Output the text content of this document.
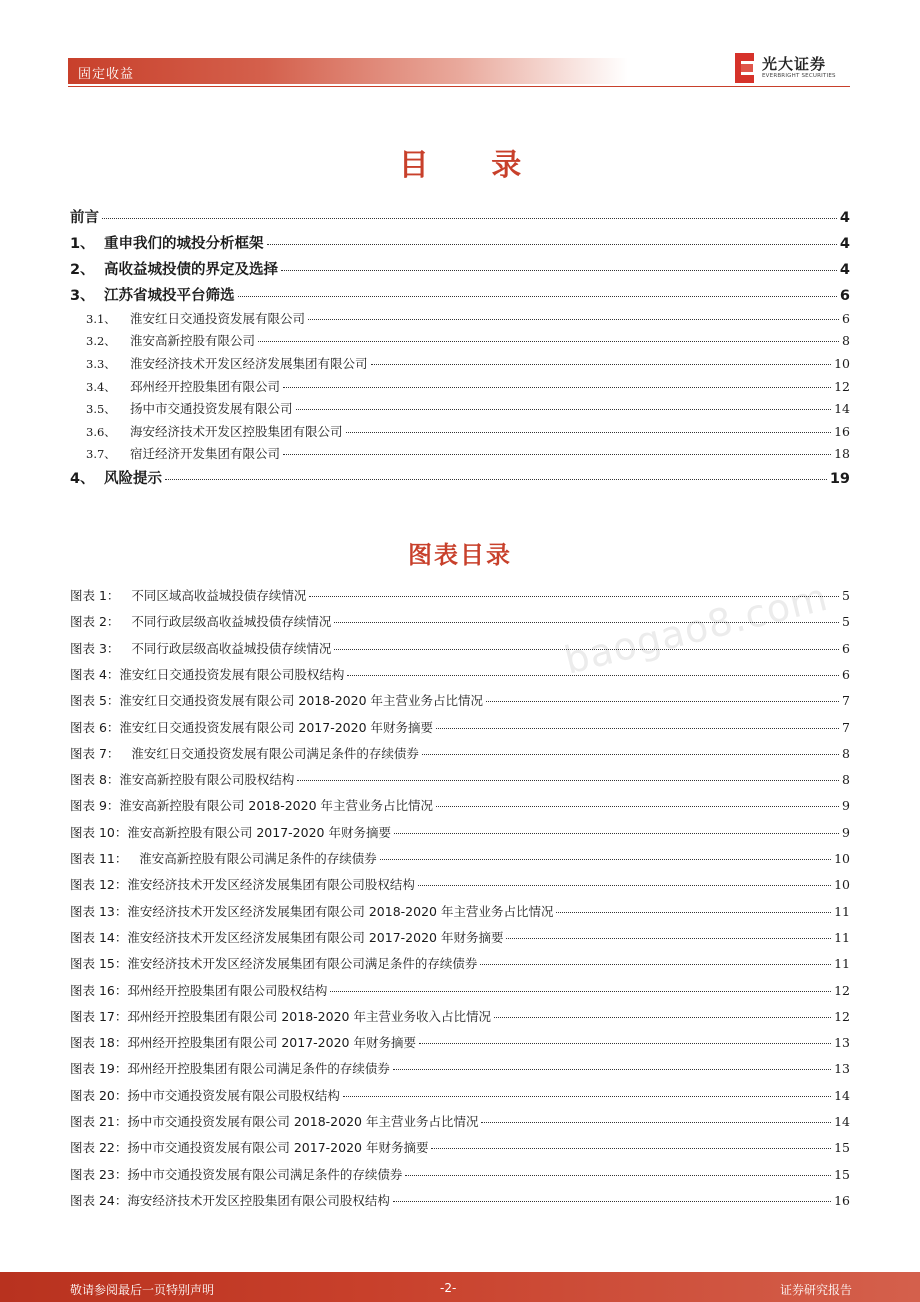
固定收益
光大证券
EVERBRIGHT SECURITIES
baogao8.com
目 录
前言	4
1、 重申我们的城投分析框架	4
2、 高收益城投债的界定及选择	4
3、 江苏省城投平台筛选	6
3.1、 淮安红日交通投资发展有限公司	6
3.2、 淮安高新控股有限公司	8
3.3、 淮安经济技术开发区经济发展集团有限公司	10
3.4、 邳州经开控股集团有限公司	12
3.5、 扬中市交通投资发展有限公司	14
3.6、 海安经济技术开发区控股集团有限公司	16
3.7、 宿迁经济开发集团有限公司	18
4、 风险提示	19
图表目录
图表 1：   不同区域高收益城投债存续情况	5
图表 2：   不同行政层级高收益城投债存续情况	5
图表 3：   不同行政层级高收益城投债存续情况	6
图表 4：淮安红日交通投资发展有限公司股权结构	6
图表 5：淮安红日交通投资发展有限公司 2018-2020 年主营业务占比情况	7
图表 6：淮安红日交通投资发展有限公司 2017-2020 年财务摘要	7
图表 7：   淮安红日交通投资发展有限公司满足条件的存续债券	8
图表 8：淮安高新控股有限公司股权结构	8
图表 9：淮安高新控股有限公司 2018-2020 年主营业务占比情况	9
图表 10：淮安高新控股有限公司 2017-2020 年财务摘要	9
图表 11：   淮安高新控股有限公司满足条件的存续债券	10
图表 12：淮安经济技术开发区经济发展集团有限公司股权结构	10
图表 13：淮安经济技术开发区经济发展集团有限公司 2018-2020 年主营业务占比情况	11
图表 14：淮安经济技术开发区经济发展集团有限公司 2017-2020 年财务摘要	11
图表 15：淮安经济技术开发区经济发展集团有限公司满足条件的存续债券	11
图表 16：邳州经开控股集团有限公司股权结构	12
图表 17：邳州经开控股集团有限公司 2018-2020 年主营业务收入占比情况	12
图表 18：邳州经开控股集团有限公司 2017-2020 年财务摘要	13
图表 19：邳州经开控股集团有限公司满足条件的存续债券	13
图表 20：扬中市交通投资发展有限公司股权结构	14
图表 21：扬中市交通投资发展有限公司 2018-2020 年主营业务占比情况	14
图表 22：扬中市交通投资发展有限公司 2017-2020 年财务摘要	15
图表 23：扬中市交通投资发展有限公司满足条件的存续债券	15
图表 24：海安经济技术开发区控股集团有限公司股权结构	16
敬请参阅最后一页特别声明	-2-	证券研究报告
